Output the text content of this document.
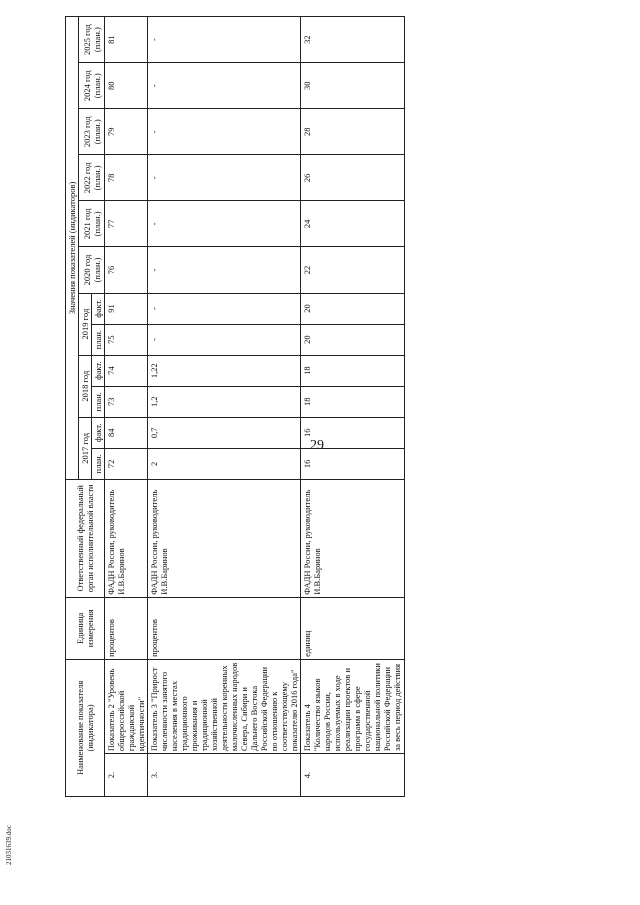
29
21031639.doc
Наименование показателя (индикатора)		Единица измерения	Ответственный федеральный орган исполнительной власти	Значения показателей (индикаторов)											
				2017 год		2018 год		2019 год		2020 год (план.)	2021 год (план.)	2022 год (план.)	2023 год (план.)	2024 год (план.)	2025 год (план.)
				план.	факт.	план.	факт.	план.	факт.						
2.	Показатель 2 "Уровень общероссийской гражданской идентичности"	процентов	ФАДН России, руководитель И.В.Баринов	72	84	73	74	75	91	76	77	78	79	80	81
3.	Показатель 3 "Прирост численности занятого населения в местах традиционного проживания и традиционной хозяйственной деятельности коренных малочисленных народов Севера, Сибири и Дальнего Востока Российской Федерации по отношению к соответствующему показателю 2016 года"	процентов	ФАДН России, руководитель И.В.Баринов	2	0,7	1,2	1,22	-	-	-	-	-	-	-	-
4.	Показатель 4 "Количество языков народов России, используемых в ходе реализации проектов и программ в сфере государственной национальной политики Российской Федерации за весь период действия	единиц	ФАДН России, руководитель И.В.Баринов	16	16	18	18	20	20	22	24	26	28	30	32
